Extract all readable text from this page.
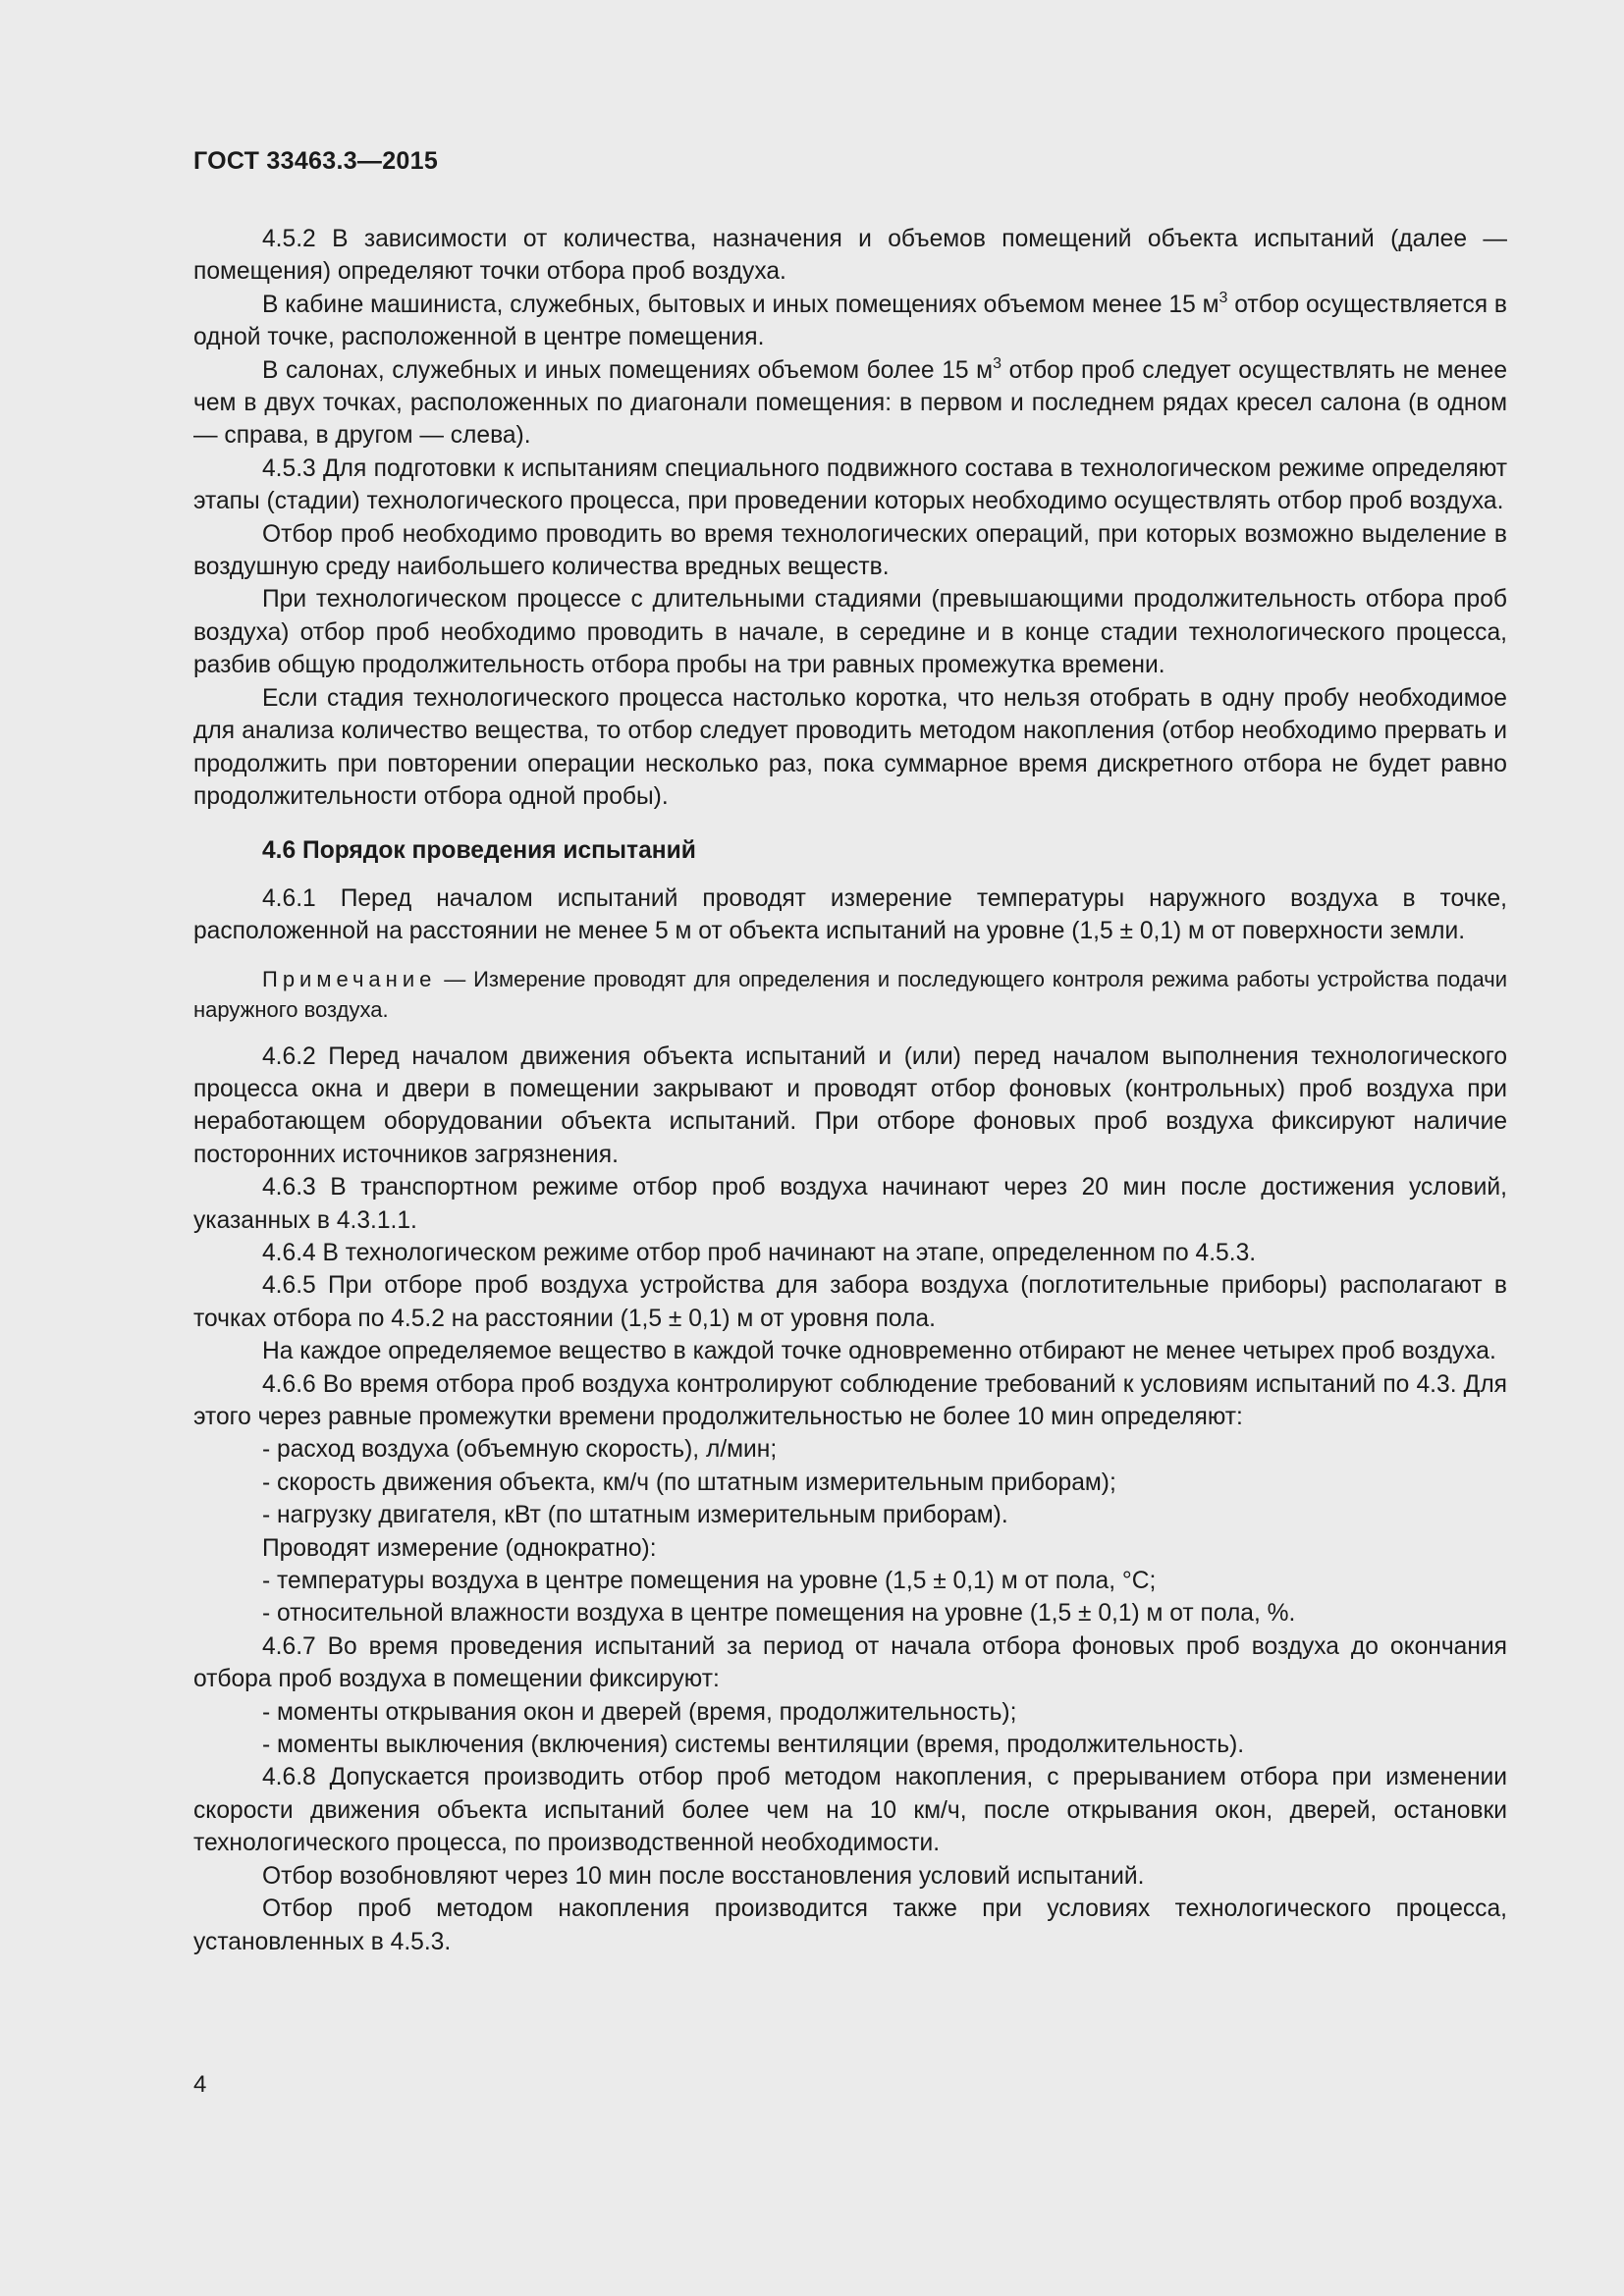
ГОСТ 33463.3—2015

4.5.2 В зависимости от количества, назначения и объемов помещений объекта испытаний (далее — помещения) определяют точки отбора проб воздуха.

В кабине машиниста, служебных, бытовых и иных помещениях объемом менее 15 $м^3$ отбор осуществляется в одной точке, расположенной в центре помещения.

В салонах, служебных и иных помещениях объемом более 15 $м^3$ отбор проб следует осуществлять не менее чем в двух точках, расположенных по диагонали помещения: в первом и последнем рядах кресел салона (в одном — справа, в другом — слева).

4.5.3 Для подготовки к испытаниям специального подвижного состава в технологическом режиме определяют этапы (стадии) технологического процесса, при проведении которых необходимо осуществлять отбор проб воздуха.

Отбор проб необходимо проводить во время технологических операций, при которых возможно выделение в воздушную среду наибольшего количества вредных веществ.

При технологическом процессе с длительными стадиями (превышающими продолжительность отбора проб воздуха) отбор проб необходимо проводить в начале, в середине и в конце стадии технологического процесса, разбив общую продолжительность отбора пробы на три равных промежутка времени.

Если стадия технологического процесса настолько коротка, что нельзя отобрать в одну пробу необходимое для анализа количество вещества, то отбор следует проводить методом накопления (отбор необходимо прервать и продолжить при повторении операции несколько раз, пока суммарное время дискретного отбора не будет равно продолжительности отбора одной пробы).

4.6 Порядок проведения испытаний

4.6.1 Перед началом испытаний проводят измерение температуры наружного воздуха в точке, расположенной на расстоянии не менее 5 м от объекта испытаний на уровне (1,5 ± 0,1) м от поверхности земли.

Примечание — Измерение проводят для определения и последующего контроля режима работы устройства подачи наружного воздуха.

4.6.2 Перед началом движения объекта испытаний и (или) перед началом выполнения технологического процесса окна и двери в помещении закрывают и проводят отбор фоновых (контрольных) проб воздуха при неработающем оборудовании объекта испытаний. При отборе фоновых проб воздуха фиксируют наличие посторонних источников загрязнения.

4.6.3 В транспортном режиме отбор проб воздуха начинают через 20 мин после достижения условий, указанных в 4.3.1.1.

4.6.4 В технологическом режиме отбор проб начинают на этапе, определенном по 4.5.3.

4.6.5 При отборе проб воздуха устройства для забора воздуха (поглотительные приборы) располагают в точках отбора по 4.5.2 на расстоянии (1,5 ± 0,1) м от уровня пола.

На каждое определяемое вещество в каждой точке одновременно отбирают не менее четырех проб воздуха.

4.6.6 Во время отбора проб воздуха контролируют соблюдение требований к условиям испытаний по 4.3. Для этого через равные промежутки времени продолжительностью не более 10 мин определяют:

- расход воздуха (объемную скорость), л/мин;

- скорость движения объекта, км/ч (по штатным измерительным приборам);

- нагрузку двигателя, кВт (по штатным измерительным приборам).

Проводят измерение (однократно):

- температуры воздуха в центре помещения на уровне (1,5 ± 0,1) м от пола, °С;

- относительной влажности воздуха в центре помещения на уровне (1,5 ± 0,1) м от пола, %.

4.6.7 Во время проведения испытаний за период от начала отбора фоновых проб воздуха до окончания отбора проб воздуха в помещении фиксируют:

- моменты открывания окон и дверей (время, продолжительность);

- моменты выключения (включения) системы вентиляции (время, продолжительность).

4.6.8 Допускается производить отбор проб методом накопления, с прерыванием отбора при изменении скорости движения объекта испытаний более чем на 10 км/ч, после открывания окон, дверей, остановки технологического процесса, по производственной необходимости.

Отбор возобновляют через 10 мин после восстановления условий испытаний.

Отбор проб методом накопления производится также при условиях технологического процесса, установленных в 4.5.3.

4
